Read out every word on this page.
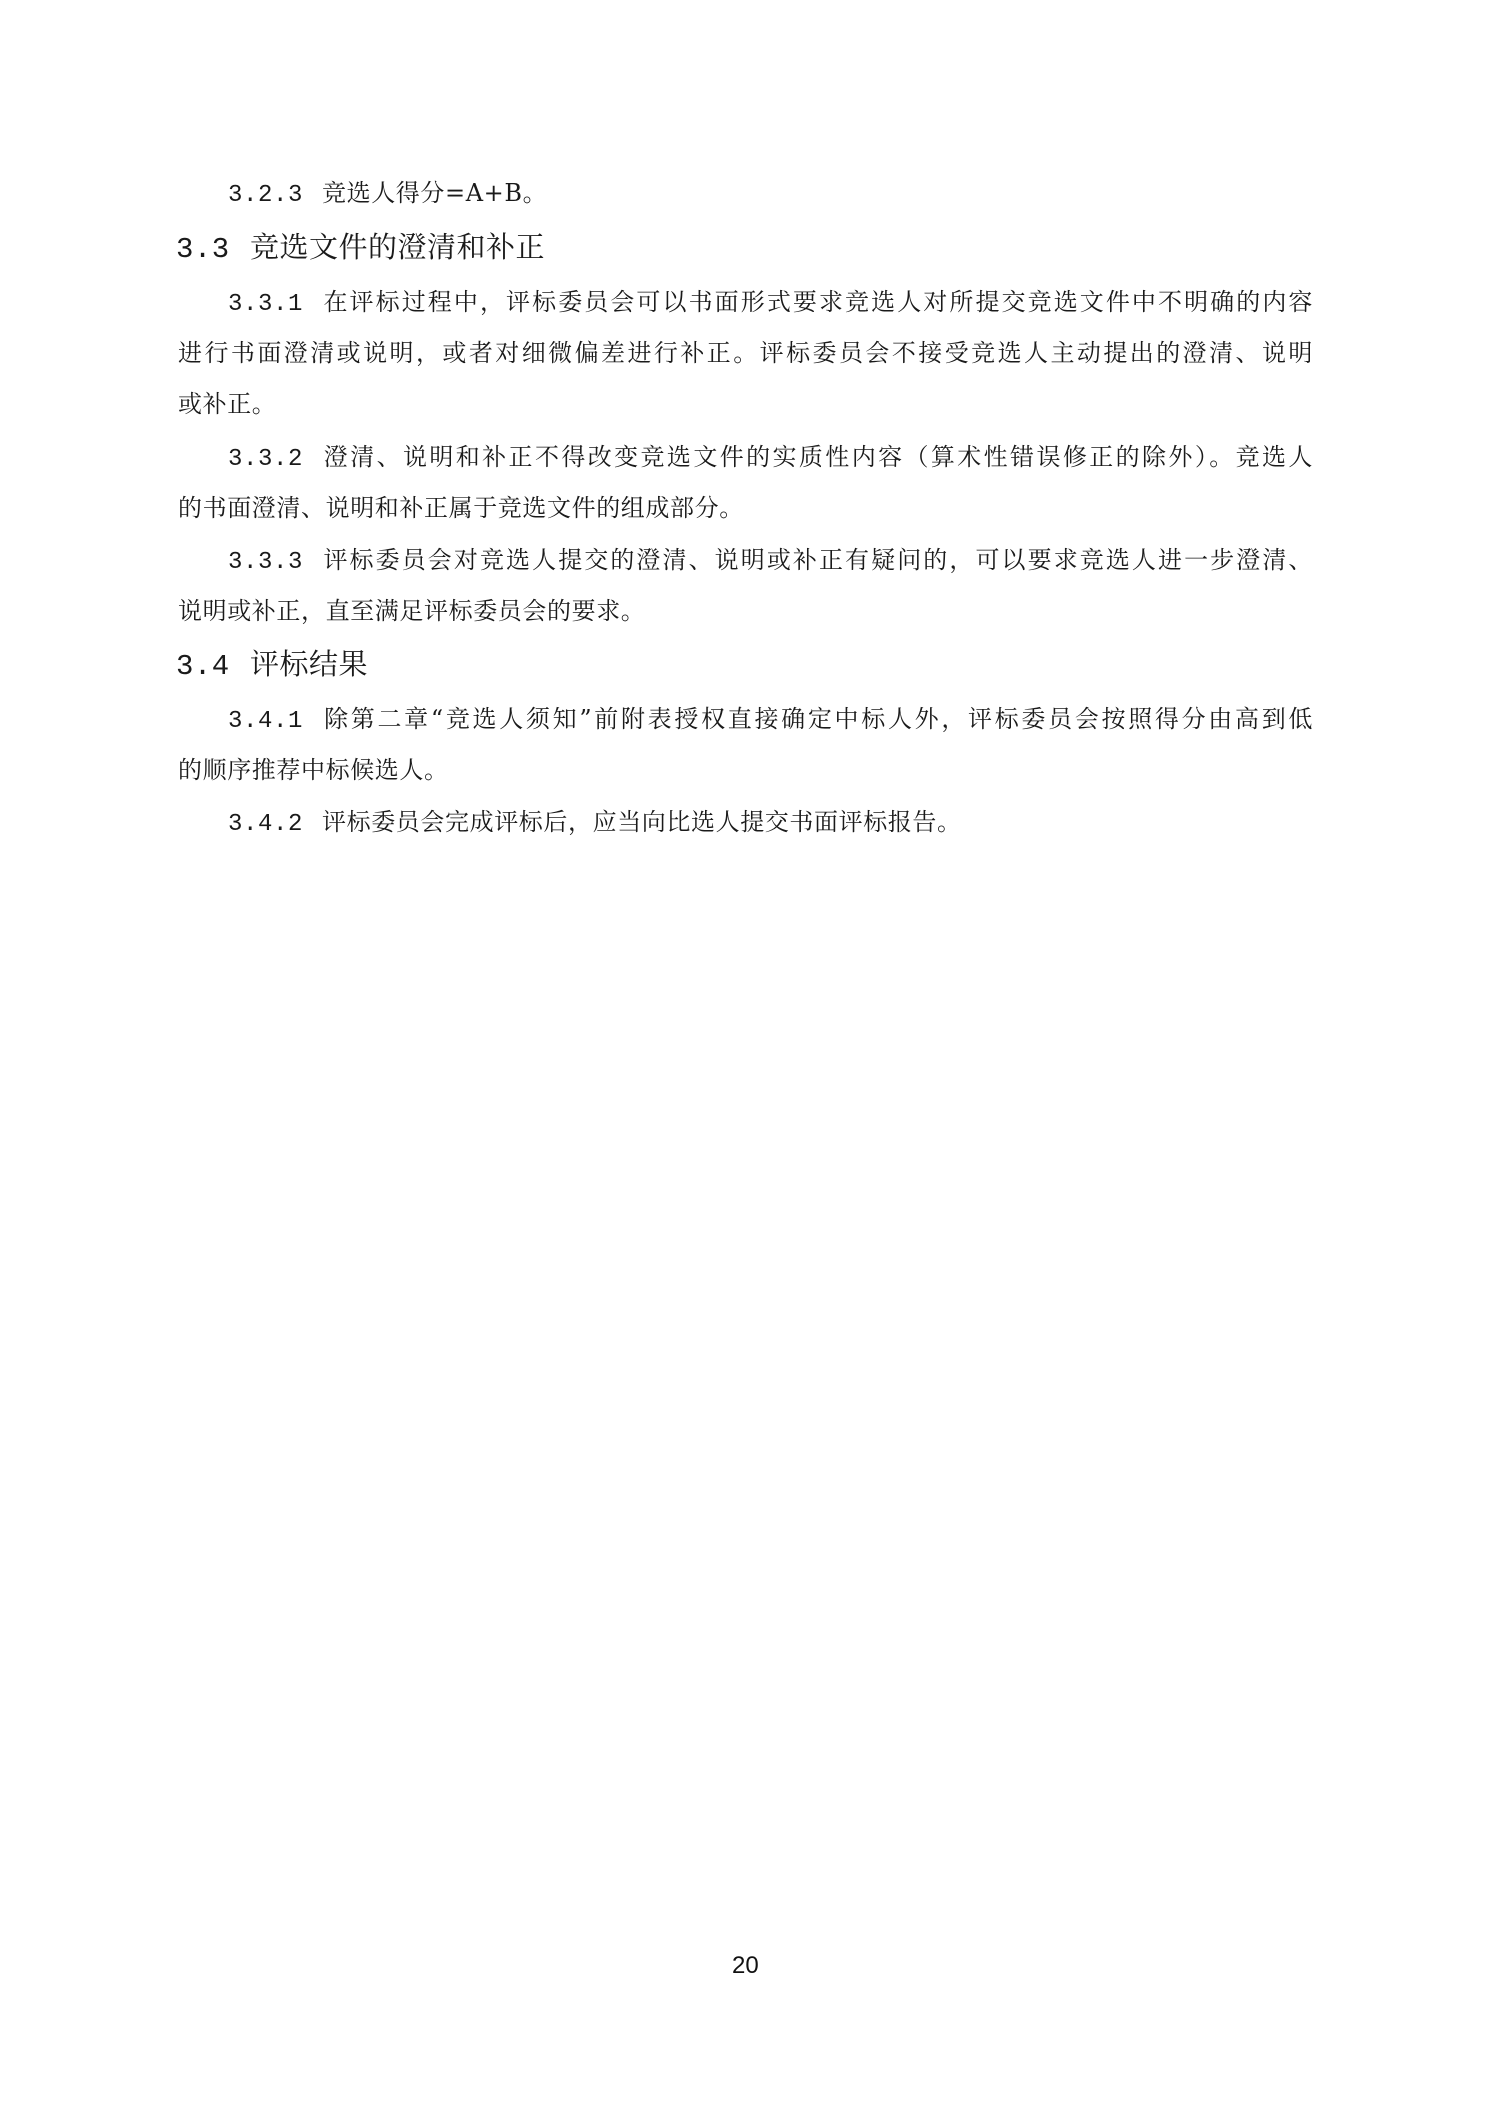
3.2.3 竞选人得分=A+B。
3.3 竞选文件的澄清和补正
3.3.1 在评标过程中，评标委员会可以书面形式要求竞选人对所提交竞选文件中不明确的内容
进行书面澄清或说明，或者对细微偏差进行补正。评标委员会不接受竞选人主动提出的澄清、说明
或补正。
3.3.2 澄清、说明和补正不得改变竞选文件的实质性内容（算术性错误修正的除外）。竞选人
的书面澄清、说明和补正属于竞选文件的组成部分。
3.3.3 评标委员会对竞选人提交的澄清、说明或补正有疑问的，可以要求竞选人进一步澄清、
说明或补正，直至满足评标委员会的要求。
3.4 评标结果
3.4.1 除第二章“竞选人须知”前附表授权直接确定中标人外，评标委员会按照得分由高到低
的顺序推荐中标候选人。
3.4.2 评标委员会完成评标后，应当向比选人提交书面评标报告。
20
